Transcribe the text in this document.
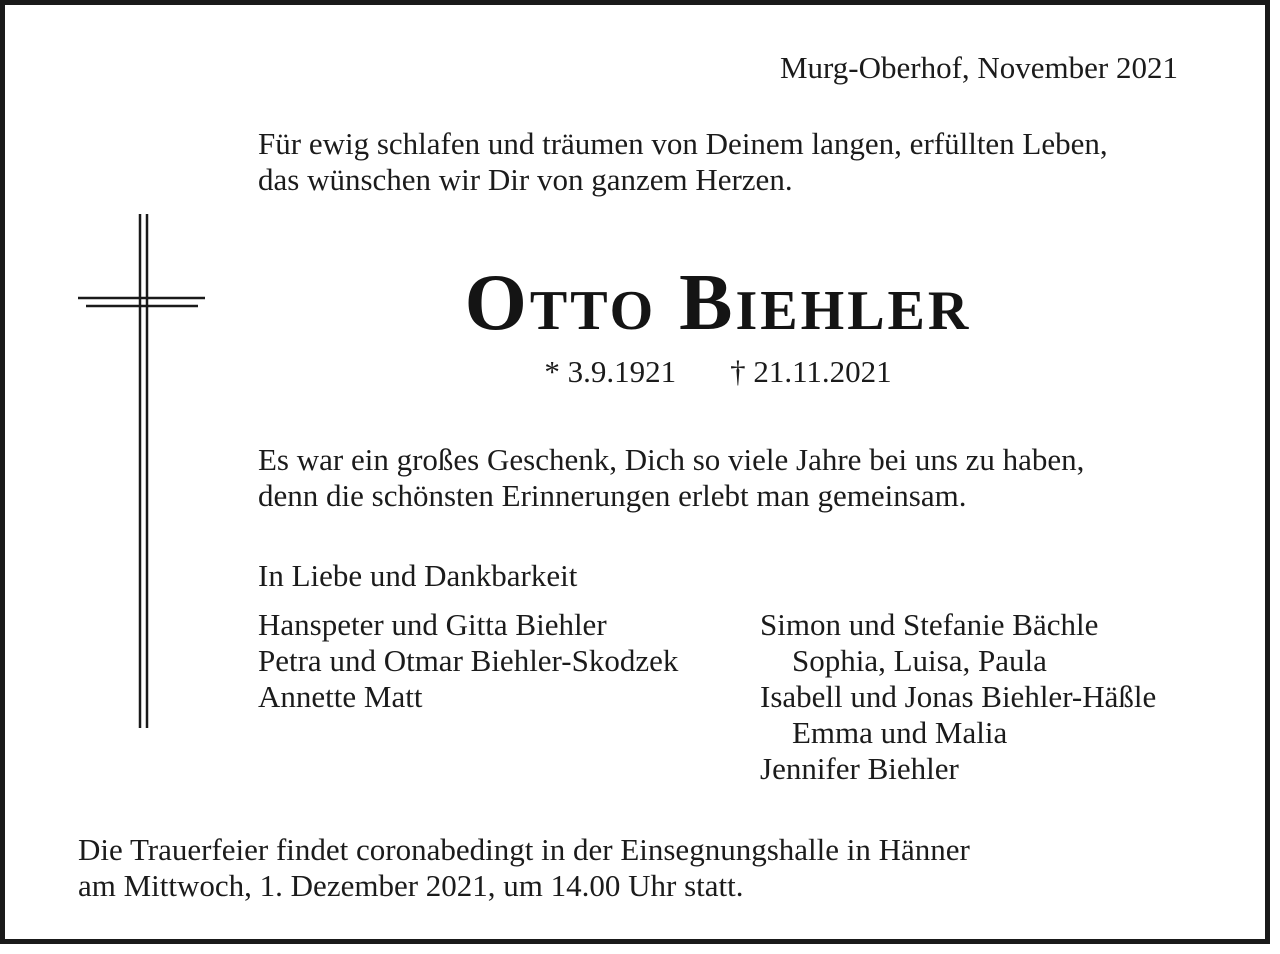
Murg-Oberhof, November 2021

Für ewig schlafen und träumen von Deinem langen, erfüllten Leben,
das wünschen wir Dir von ganzem Herzen.
Otto Biehler

* 3.9.1921 † 21.11.2021

Es war ein großes Geschenk, Dich so viele Jahre bei uns zu haben,
denn die schönsten Erinnerungen erlebt man gemeinsam.

In Liebe und Dankbarkeit

Hanspeter und Gitta Biehler
Petra und Otmar Biehler-Skodzek
Annette Matt
Simon und Stefanie Bächle
Sophia, Luisa, Paula
Isabell und Jonas Biehler-Häßle
Emma und Malia
Jennifer Biehler
Die Trauerfeier findet coronabedingt in der Einsegnungshalle in Hänner
am Mittwoch, 1. Dezember 2021, um 14.00 Uhr statt.
